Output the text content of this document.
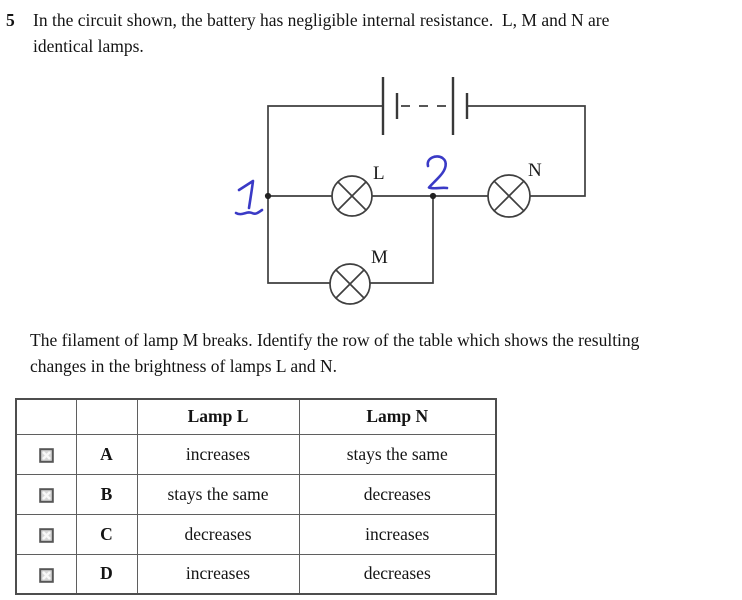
5 In the circuit shown, the battery has negligible internal resistance.  L, M and N are
identical lamps.
L	N
M
The filament of lamp M breaks. Identify the row of the table which shows the resulting
changes in the brightness of lamps L and N.
		Lamp L	Lamp N
	A	increases	stays the same
	B	stays the same	decreases
	C	decreases	increases
	D	increases	decreases
